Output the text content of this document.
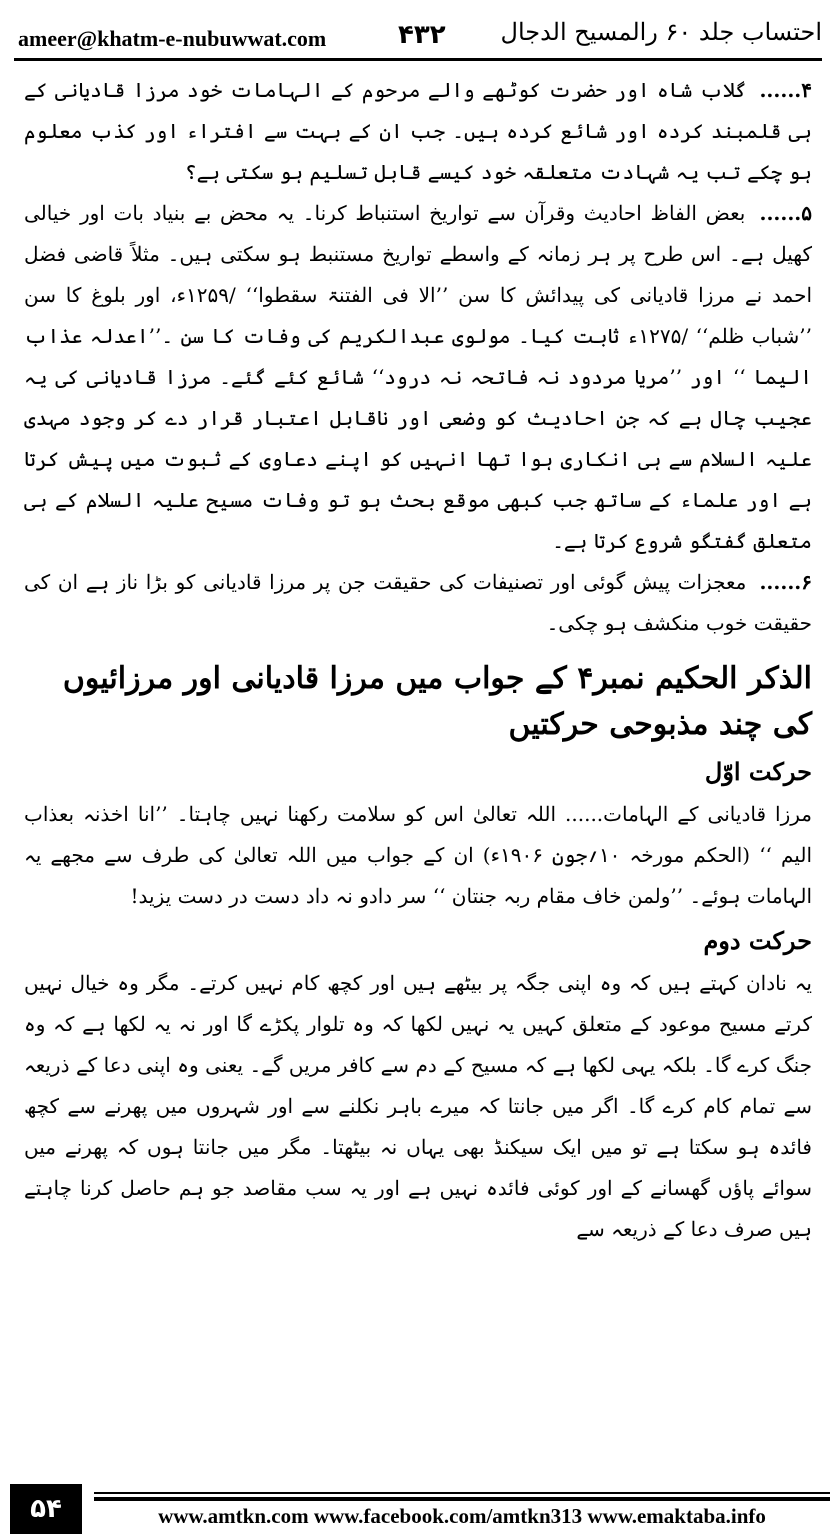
ameer@khatm-e-nubuwwat.com	۴۳۲ احتساب جلد ۶۰ رالمسیح الدجال

۴...... گلاب شاہ اور حضرت کوٹھے والے مرحوم کے الہامات خود مرزا قادیانی کے ہی قلمبند کردہ اور شائع کردہ ہیں۔ جب ان کے بہت سے افتراء اور کذب معلوم ہو چکے تب یہ شہادت متعلقہ خود کیسے قابل تسلیم ہو سکتی ہے؟

۵...... بعض الفاظ احادیث وقرآن سے تواریخ استنباط کرنا۔ یہ محض بے بنیاد بات اور خیالی کھیل ہے۔ اس طرح پر ہر زمانہ کے واسطے تواریخ مستنبط ہو سکتی ہیں۔ مثلاً قاضی فضل احمد نے مرزا قادیانی کی پیدائش کا سن ’’الا فی الفتنۃ سقطوا‘‘ /۱۲۵۹ء، اور بلوغ کا سن ’’شباب ظلم‘‘ /۱۲۷۵ء ثابت کیا۔ مولوی عبدالکریم کی وفات کا سن ۔’’اعدلہ عذاب الیما ‘‘ اور ’’مریا مردود نہ فاتحہ نہ درود‘‘ شائع کئے گئے۔ مرزا قادیانی کی یہ عجیب چال ہے کہ جن احادیث کو وضعی اور ناقابل اعتبار قرار دے کر وجود مہدی علیہ السلام سے ہی انکاری ہوا تھا انہیں کو اپنے دعاوی کے ثبوت میں پیش کرتا ہے اور علماء کے ساتھ جب کبھی موقع بحث ہو تو وفات مسیح علیہ السلام کے ہی متعلق گفتگو شروع کرتا ہے۔

۶...... معجزات پیش گوئی اور تصنیفات کی حقیقت جن پر مرزا قادیانی کو بڑا ناز ہے ان کی حقیقت خوب منکشف ہو چکی۔

الذکر الحکیم نمبر۴ کے جواب میں مرزا قادیانی اور مرزائیوں کی چند مذبوحی حرکتیں
حرکت اوّل

مرزا قادیانی کے الہامات...... اللہ تعالیٰ اس کو سلامت رکھنا نہیں چاہتا۔ ’’انا اخذنہ بعذاب الیم ‘‘ (الحکم مورخہ ۱۰؍جون ۱۹۰۶ء) ان کے جواب میں اللہ تعالیٰ کی طرف سے مجھے یہ الہامات ہوئے۔ ’’ولمن خاف مقام ربہ جنتان ‘‘ سر دادو نہ داد دست در دست یزید!

حرکت دوم

یہ نادان کہتے ہیں کہ وہ اپنی جگہ پر بیٹھے ہیں اور کچھ کام نہیں کرتے۔ مگر وہ خیال نہیں کرتے مسیح موعود کے متعلق کہیں یہ نہیں لکھا کہ وہ تلوار پکڑے گا اور نہ یہ لکھا ہے کہ وہ جنگ کرے گا۔ بلکہ یہی لکھا ہے کہ مسیح کے دم سے کافر مریں گے۔ یعنی وہ اپنی دعا کے ذریعہ سے تمام کام کرے گا۔ اگر میں جانتا کہ میرے باہر نکلنے سے اور شہروں میں پھرنے سے کچھ فائدہ ہو سکتا ہے تو میں ایک سیکنڈ بھی یہاں نہ بیٹھتا۔ مگر میں جانتا ہوں کہ پھرنے میں سوائے پاؤں گھسانے کے اور کوئی فائدہ نہیں ہے اور یہ سب مقاصد جو ہم حاصل کرنا چاہتے ہیں صرف دعا کے ذریعہ سے

۵۴	www.amtkn.com www.facebook.com/amtkn313 www.emaktaba.info
